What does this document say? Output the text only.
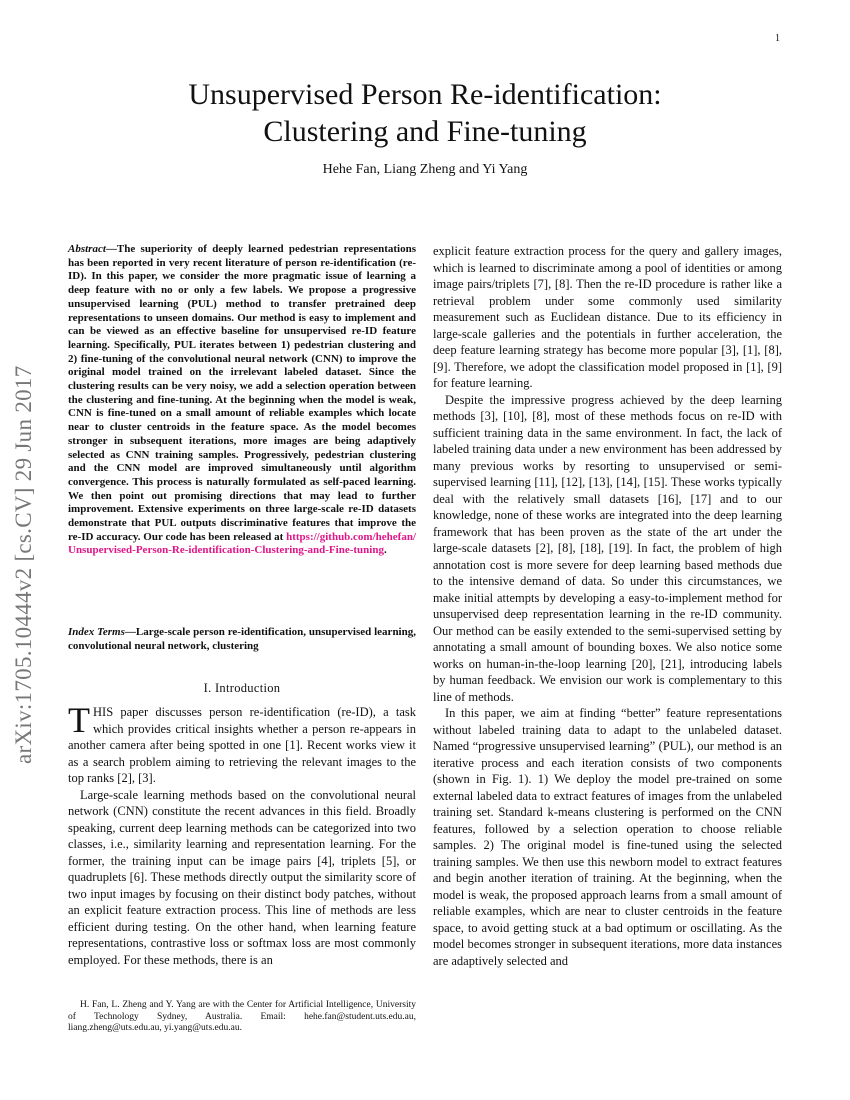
1
Unsupervised Person Re-identification:
Clustering and Fine-tuning
Hehe Fan, Liang Zheng and Yi Yang
arXiv:1705.10444v2 [cs.CV] 29 Jun 2017
Abstract—The superiority of deeply learned pedestrian representations has been reported in very recent literature of person re-identification (re-ID). In this paper, we consider the more pragmatic issue of learning a deep feature with no or only a few labels. We propose a progressive unsupervised learning (PUL) method to transfer pretrained deep representations to unseen domains. Our method is easy to implement and can be viewed as an effective baseline for unsupervised re-ID feature learning. Specifically, PUL iterates between 1) pedestrian clustering and 2) fine-tuning of the convolutional neural network (CNN) to improve the original model trained on the irrelevant labeled dataset. Since the clustering results can be very noisy, we add a selection operation between the clustering and fine-tuning. At the beginning when the model is weak, CNN is fine-tuned on a small amount of reliable examples which locate near to cluster centroids in the feature space. As the model becomes stronger in subsequent iterations, more images are being adaptively selected as CNN training samples. Progressively, pedestrian clustering and the CNN model are improved simultaneously until algorithm convergence. This process is naturally formulated as self-paced learning. We then point out promising directions that may lead to further improvement. Extensive experiments on three large-scale re-ID datasets demonstrate that PUL outputs discriminative features that improve the re-ID accuracy. Our code has been released at https://github.com/hehefan/ Unsupervised-Person-Re-identification-Clustering-and-Fine-tuning.
Index Terms—Large-scale person re-identification, unsupervised learning, convolutional neural network, clustering
I. Introduction

THIS paper discusses person re-identification (re-ID), a task which provides critical insights whether a person re-appears in another camera after being spotted in one [1]. Recent works view it as a search problem aiming to retrieving the relevant images to the top ranks [2], [3].

Large-scale learning methods based on the convolutional neural network (CNN) constitute the recent advances in this field. Broadly speaking, current deep learning methods can be categorized into two classes, i.e., similarity learning and representation learning. For the former, the training input can be image pairs [4], triplets [5], or quadruplets [6]. These methods directly output the similarity score of two input images by focusing on their distinct body patches, without an explicit feature extraction process. This line of methods are less efficient during testing. On the other hand, when learning feature representations, contrastive loss or softmax loss are most commonly employed. For these methods, there is an

H. Fan, L. Zheng and Y. Yang are with the Center for Artificial Intelligence, University of Technology Sydney, Australia. Email: hehe.fan@student.uts.edu.au, liang.zheng@uts.edu.au, yi.yang@uts.edu.au.

explicit feature extraction process for the query and gallery images, which is learned to discriminate among a pool of identities or among image pairs/triplets [7], [8]. Then the re-ID procedure is rather like a retrieval problem under some commonly used similarity measurement such as Euclidean distance. Due to its efficiency in large-scale galleries and the potentials in further acceleration, the deep feature learning strategy has become more popular [3], [1], [8], [9]. Therefore, we adopt the classification model proposed in [1], [9] for feature learning.

Despite the impressive progress achieved by the deep learning methods [3], [10], [8], most of these methods focus on re-ID with sufficient training data in the same environment. In fact, the lack of labeled training data under a new environment has been addressed by many previous works by resorting to unsupervised or semi-supervised learning [11], [12], [13], [14], [15]. These works typically deal with the relatively small datasets [16], [17] and to our knowledge, none of these works are integrated into the deep learning framework that has been proven as the state of the art under the large-scale datasets [2], [8], [18], [19]. In fact, the problem of high annotation cost is more severe for deep learning based methods due to the intensive demand of data. So under this circumstances, we make initial attempts by developing a easy-to-implement method for unsupervised deep representation learning in the re-ID community. Our method can be easily extended to the semi-supervised setting by annotating a small amount of bounding boxes. We also notice some works on human-in-the-loop learning [20], [21], introducing labels by human feedback. We envision our work is complementary to this line of methods.

In this paper, we aim at finding “better” feature representations without labeled training data to adapt to the unlabeled dataset. Named “progressive unsupervised learning” (PUL), our method is an iterative process and each iteration consists of two components (shown in Fig. 1). 1) We deploy the model pre-trained on some external labeled data to extract features of images from the unlabeled training set. Standard k-means clustering is performed on the CNN features, followed by a selection operation to choose reliable samples. 2) The original model is fine-tuned using the selected training samples. We then use this newborn model to extract features and begin another iteration of training. At the beginning, when the model is weak, the proposed approach learns from a small amount of reliable examples, which are near to cluster centroids in the feature space, to avoid getting stuck at a bad optimum or oscillating. As the model becomes stronger in subsequent iterations, more data instances are adaptively selected and
